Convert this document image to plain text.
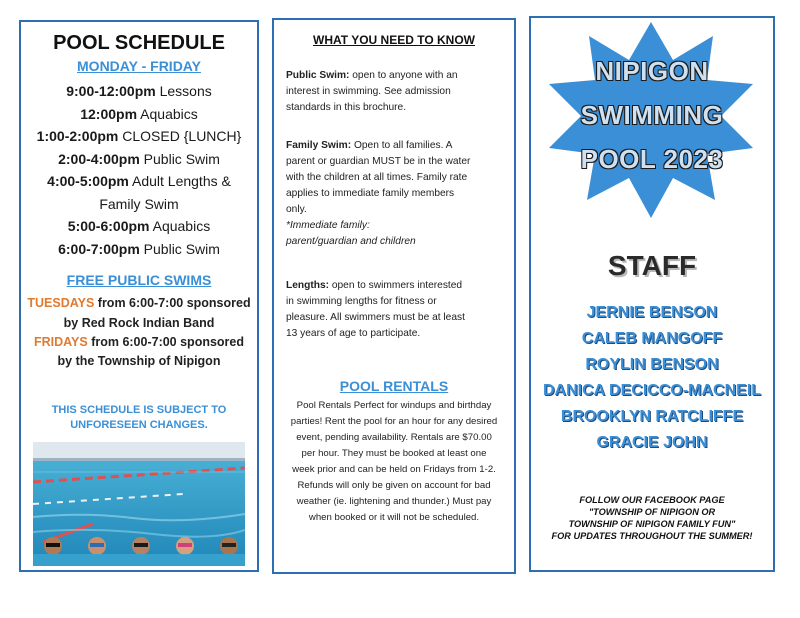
POOL SCHEDULE
MONDAY - FRIDAY
9:00-12:00pm Lessons
12:00pm Aquabics
1:00-2:00pm CLOSED {LUNCH}
2:00-4:00pm Public Swim
4:00-5:00pm Adult Lengths &
Family Swim
5:00-6:00pm Aquabics
6:00-7:00pm Public Swim
FREE PUBLIC SWIMS
TUESDAYS from 6:00-7:00 sponsored
by Red Rock Indian Band
FRIDAYS from 6:00-7:00 sponsored
by the Township of Nipigon
THIS SCHEDULE IS SUBJECT TO
UNFORESEEN CHANGES.
WHAT YOU NEED TO KNOW
Public Swim: open to anyone with an
interest in swimming. See admission
standards in this brochure.
Family Swim: Open to all families. A
parent or guardian MUST be in the water
with the children at all times. Family rate
applies to immediate family members
only.
*Immediate family:
parent/guardian and children
Lengths: open to swimmers interested
in swimming lengths for fitness or
pleasure. All swimmers must be at least
13 years of age to participate.
POOL RENTALS
Pool Rentals Perfect for windups and birthday
parties! Rent the pool for an hour for any desired
event, pending availability. Rentals are $70.00
per hour. They must be booked at least one
week prior and can be held on Fridays from 1-2.
Refunds will only be given on account for bad
weather (ie. lightening and thunder.) Must pay
when booked or it will not be scheduled.
NIPIGON
SWIMMING
POOL 2023
STAFF
JERNIE BENSON
CALEB MANGOFF
ROYLIN BENSON
DANICA DECICCO-MACNEIL
BROOKLYN RATCLIFFE
GRACIE JOHN
FOLLOW OUR FACEBOOK PAGE
"TOWNSHIP OF NIPIGON OR
TOWNSHIP OF NIPIGON FAMILY FUN"
FOR UPDATES THROUGHOUT THE SUMMER!
